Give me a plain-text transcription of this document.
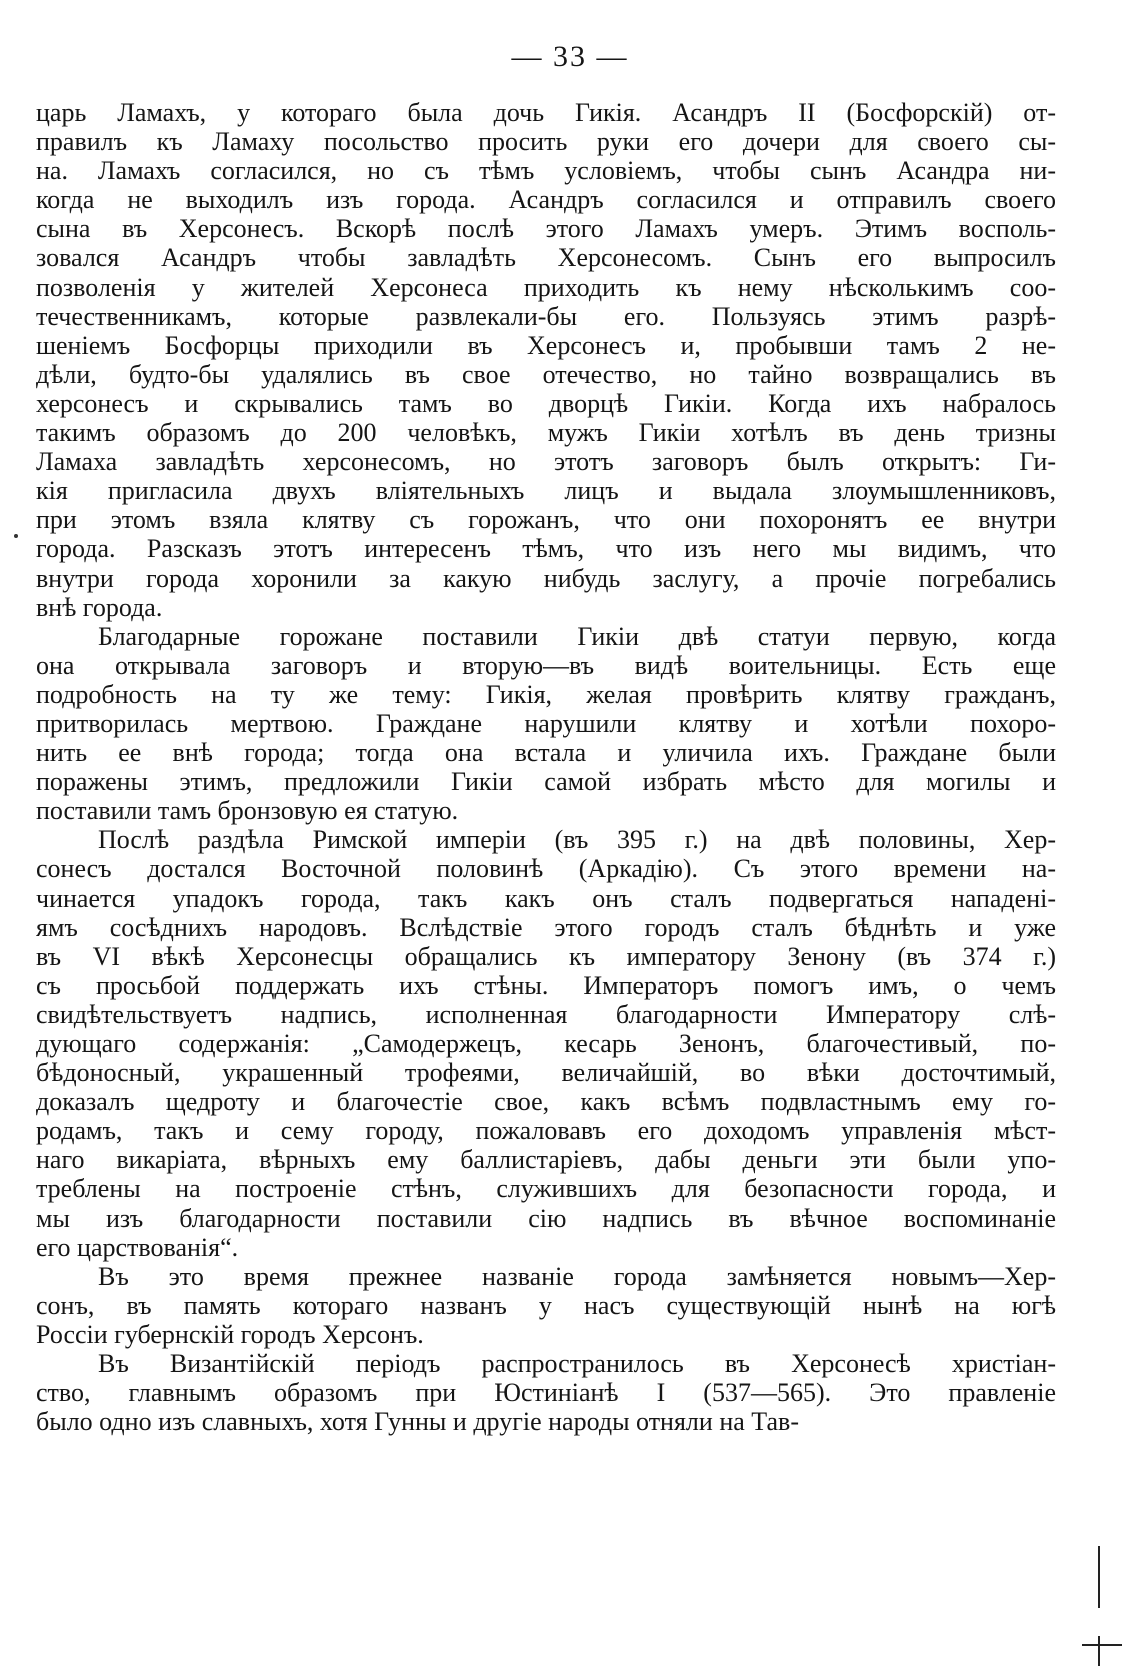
— 33 —
царь Ламахъ, у котораго была дочь Гикія. Асандръ II (Босфорскій) от-
правилъ къ Ламаху посольство просить руки его дочери для своего сы-
на. Ламахъ согласился, но съ тѣмъ условіемъ, чтобы сынъ Асандра ни-
когда не выходилъ изъ города. Асандръ согласился и отправилъ своего
сына въ Херсонесъ. Вскорѣ послѣ этого Ламахъ умеръ. Этимъ восполь-
зовался Асандръ чтобы завладѣть Херсонесомъ. Сынъ его выпросилъ
позволенія у жителей Херсонеса приходить къ нему нѣсколькимъ соо-
течественникамъ, которые развлекали-бы его. Пользуясь этимъ разрѣ-
шеніемъ Босфорцы приходили въ Херсонесъ и, пробывши тамъ 2 не-
дѣли, будто-бы удалялись въ свое отечество, но тайно возвращались въ
херсонесъ и скрывались тамъ во дворцѣ Гикіи. Когда ихъ набралось
такимъ образомъ до 200 человѣкъ, мужъ Гикіи хотѣлъ въ день тризны
Ламаха завладѣть херсонесомъ, но этотъ заговоръ былъ открытъ: Ги-
кія пригласила двухъ вліятельныхъ лицъ и выдала злоумышленниковъ,
при этомъ взяла клятву съ горожанъ, что они похоронятъ ее внутри
города. Разсказъ этотъ интересенъ тѣмъ, что изъ него мы видимъ, что
внутри города хоронили за какую нибудь заслугу, а прочіе погребались
внѣ города.
Благодарные горожане поставили Гикіи двѣ статуи первую, когда
она открывала заговоръ и вторую—въ видѣ воительницы. Есть еще
подробность на ту же тему: Гикія, желая провѣрить клятву гражданъ,
притворилась мертвою. Граждане нарушили клятву и хотѣли похоро-
нить ее внѣ города; тогда она встала и уличила ихъ. Граждане были
поражены этимъ, предложили Гикіи самой избрать мѣсто для могилы и
поставили тамъ бронзовую ея статую.
Послѣ раздѣла Римской имперіи (въ 395 г.) на двѣ половины, Хер-
сонесъ достался Восточной половинѣ (Аркадію). Съ этого времени на-
чинается упадокъ города, такъ какъ онъ сталъ подвергаться нападені-
ямъ сосѣднихъ народовъ. Вслѣдствіе этого городъ сталъ бѣднѣть и уже
въ VI вѣкѣ Херсонесцы обращались къ императору Зенону (въ 374 г.)
съ просьбой поддержать ихъ стѣны. Императоръ помогъ имъ, о чемъ
свидѣтельствуетъ надпись, исполненная благодарности Императору слѣ-
дующаго содержанія: „Самодержецъ, кесарь Зенонъ, благочестивый, по-
бѣдоносный, украшенный трофеями, величайшій, во вѣки досточтимый,
доказалъ щедроту и благочестіе свое, какъ всѣмъ подвластнымъ ему го-
родамъ, такъ и сему городу, пожаловавъ его доходомъ управленія мѣст-
наго викаріата, вѣрныхъ ему баллистаріевъ, дабы деньги эти были упо-
треблены на построеніе стѣнъ, служившихъ для безопасности города, и
мы изъ благодарности поставили сію надпись въ вѣчное воспоминаніе
его царствованія“.
Въ это время прежнее названіе города замѣняется новымъ—Хер-
сонъ, въ память котораго названъ у насъ существующій нынѣ на югѣ
Россіи губернскій городъ Херсонъ.
Въ Византійскій періодъ распространилось въ Херсонесѣ христіан-
ство, главнымъ образомъ при Юстиніанѣ I (537—565). Это правленіе
было одно изъ славныхъ, хотя Гунны и другіе народы отняли на Тав-
